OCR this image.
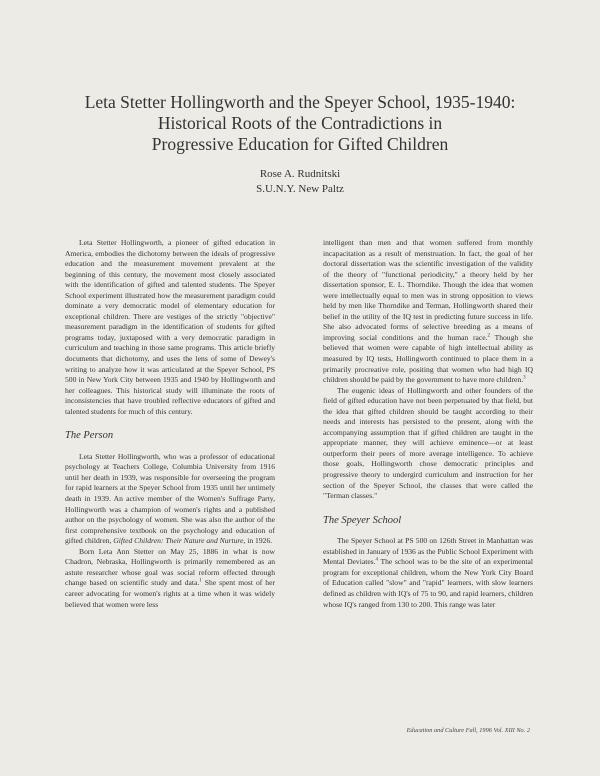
Leta Stetter Hollingworth and the Speyer School, 1935-1940:
Historical Roots of the Contradictions in
Progressive Education for Gifted Children
Rose A. Rudnitski
S.U.N.Y. New Paltz

Leta Stetter Hollingworth, a pioneer of gifted education in America, embodies the dichotomy between the ideals of progressive education and the measurement movement prevalent at the beginning of this century, the movement most closely associated with the identification of gifted and talented students. The Speyer School experiment illustrated how the measurement paradigm could dominate a very democratic model of elementary education for exceptional children. There are vestiges of the strictly "objective" measurement paradigm in the identification of students for gifted programs today, juxtaposed with a very democratic paradigm in curriculum and teaching in those same programs. This article briefly documents that dichotomy, and uses the lens of some of Dewey's writing to analyze how it was articulated at the Speyer School, PS 500 in New York City between 1935 and 1940 by Hollingworth and her colleagues. This historical study will illuminate the roots of inconsistencies that have troubled reflective educators of gifted and talented students for much of this century.

The Person

Leta Stetter Hollingworth, who was a professor of educational psychology at Teachers College, Columbia University from 1916 until her death in 1939, was responsible for overseeing the program for rapid learners at the Speyer School from 1935 until her untimely death in 1939. An active member of the Women's Suffrage Party, Hollingworth was a champion of women's rights and a published author on the psychology of women. She was also the author of the first comprehensive textbook on the psychology and education of gifted children, Gifted Children: Their Nature and Nurture, in 1926.

Born Leta Ann Stetter on May 25, 1886 in what is now Chadron, Nebraska, Hollingworth is primarily remembered as an astute researcher whose goal was social reform effected through change based on scientific study and data.$^1$ She spent most of her career advocating for women's rights at a time when it was widely believed that women were less

intelligent than men and that women suffered from monthly incapacitation as a result of menstruation. In fact, the goal of her doctoral dissertation was the scientific investigation of the validity of the theory of "functional periodicity," a theory held by her dissertation sponsor, E. L. Thorndike. Though the idea that women were intellectually equal to men was in strong opposition to views held by men like Thorndike and Terman, Hollingworth shared their belief in the utility of the IQ test in predicting future success in life. She also advocated forms of selective breeding as a means of improving social conditions and the human race.$^2$ Though she believed that women were capable of high intellectual ability as measured by IQ tests, Hollingworth continued to place them in a primarily procreative role, positing that women who had high IQ children should be paid by the government to have more children.$^3$

The eugenic ideas of Hollingworth and other founders of the field of gifted education have not been perpetuated by that field, but the idea that gifted children should be taught according to their needs and interests has persisted to the present, along with the accompanying assumption that if gifted children are taught in the appropriate manner, they will achieve eminence—or at least outperform their peers of more average intelligence. To achieve those goals, Hollingworth chose democratic principles and progressive theory to undergird curriculum and instruction for her section of the Speyer School, the classes that were called the "Terman classes."

The Speyer School

The Speyer School at PS 500 on 126th Street in Manhattan was established in January of 1936 as the Public School Experiment with Mental Deviates.$^4$ The school was to be the site of an experimental program for exceptional children, whom the New York City Board of Education called "slow" and "rapid" learners, with slow learners defined as children with IQ's of 75 to 90, and rapid learners, children whose IQ's ranged from 130 to 200. This range was later

Education and Culture Fall, 1996 Vol. XIII No. 2
